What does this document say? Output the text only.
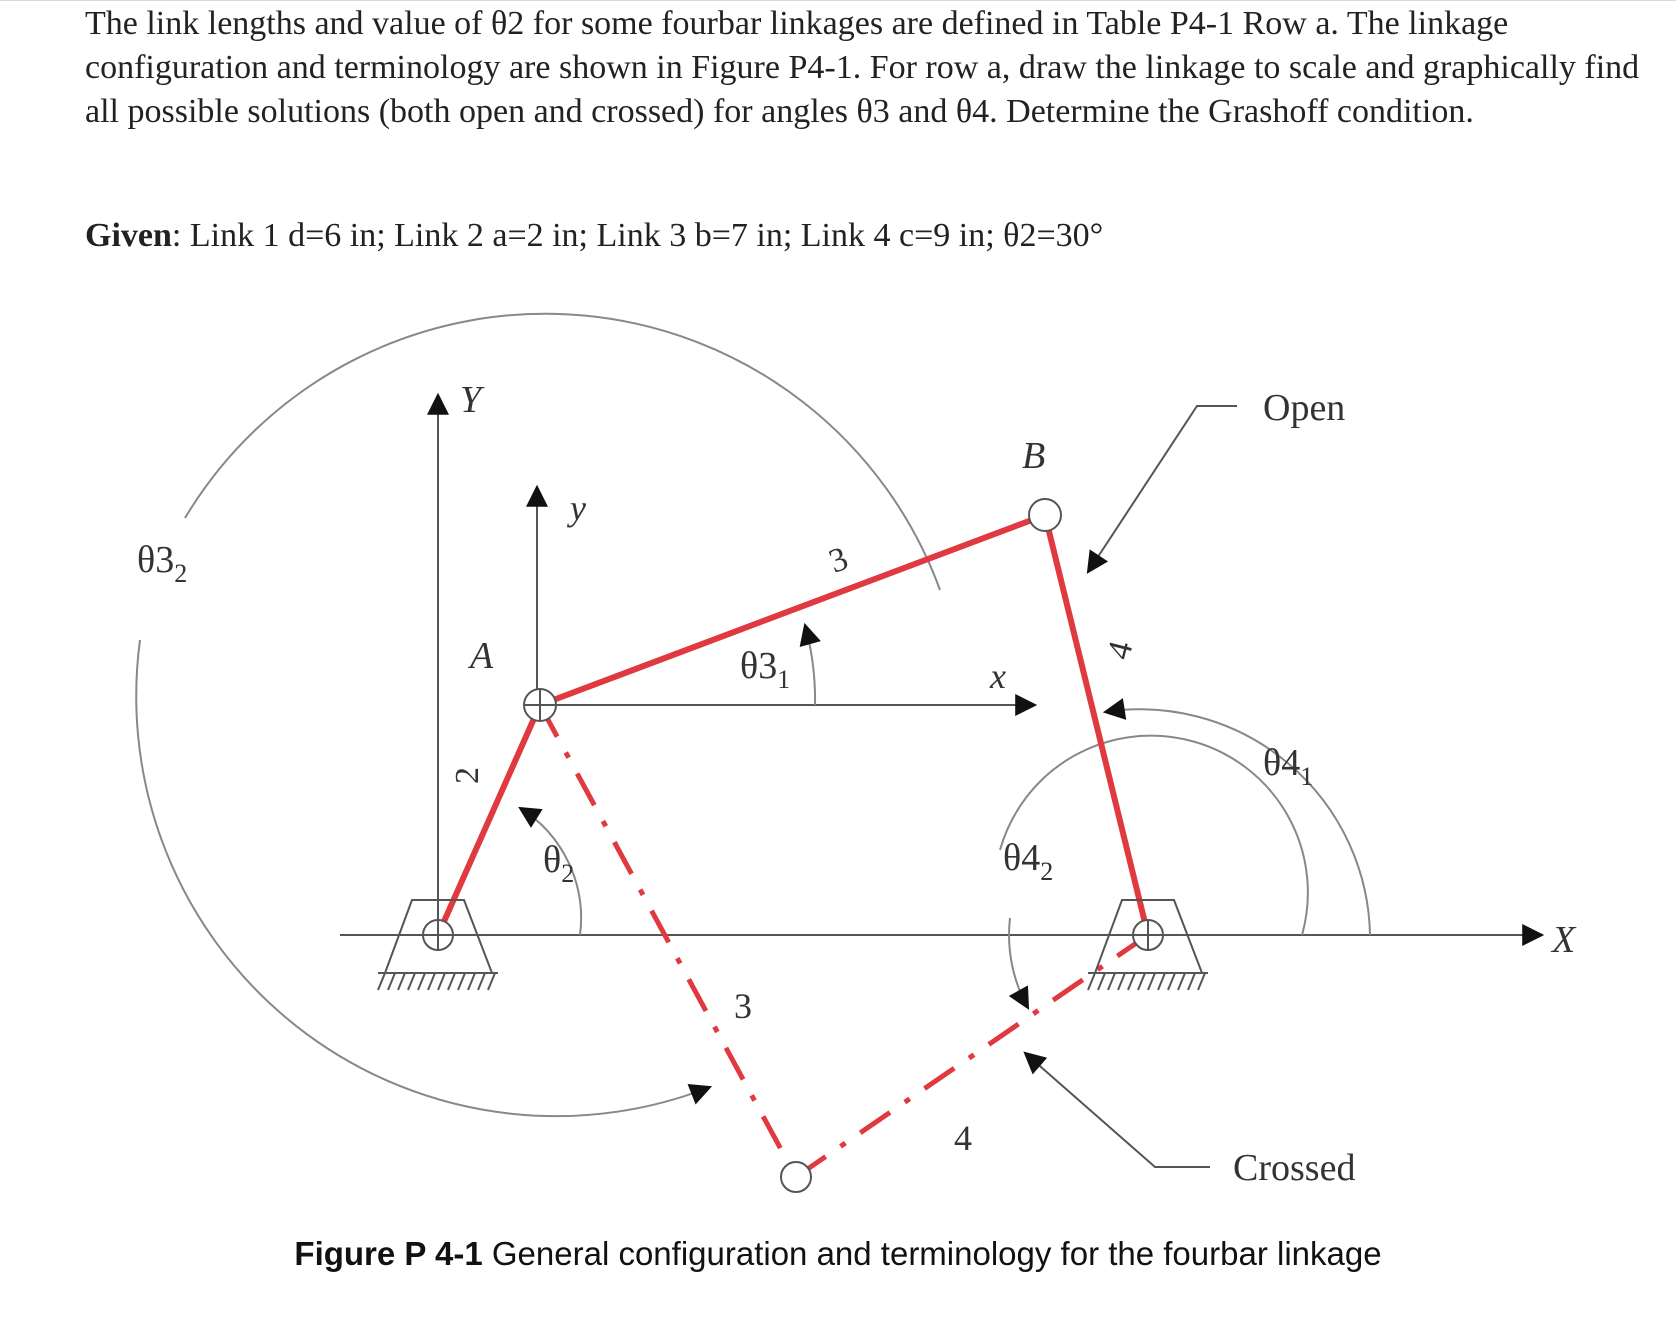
The link lengths and value of θ2 for some fourbar linkages are defined in Table P4-1 Row a. The linkage configuration and terminology are shown in Figure P4-1. For row a, draw the linkage to scale and graphically find all possible solutions (both open and crossed) for angles θ3 and θ4. Determine the Grashoff condition.
Given: Link 1 d=6 in; Link 2 a=2 in; Link 3 b=7 in; Link 4 c=9 in; θ2=30°
Y
y
X
x
A
B
Open
Crossed
2
3
4
3
4
$\theta 3_2$
$\theta 3_1$
$\theta_2$
$\theta 4_1$
$\theta 4_2$
Figure P 4-1 General configuration and terminology for the fourbar linkage
